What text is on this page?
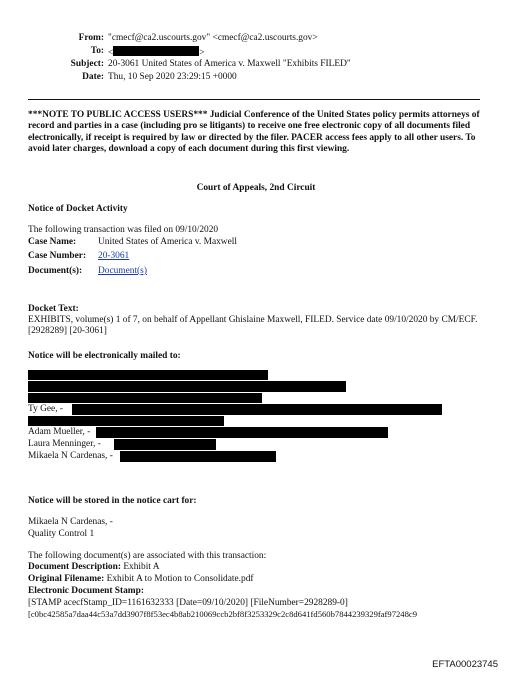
From: "cmecf@ca2.uscourts.gov" <cmecf@ca2.uscourts.gov>
To: <	>
Subject: 20-3061 United States of America v. Maxwell "Exhibits FILED"
Date: Thu, 10 Sep 2020 23:29:15 +0000
***NOTE TO PUBLIC ACCESS USERS*** Judicial Conference of the United States policy permits attorneys of record and parties in a case (including pro se litigants) to receive one free electronic copy of all documents filed electronically, if receipt is required by law or directed by the filer. PACER access fees apply to all other users. To avoid later charges, download a copy of each document during this first viewing.
Court of Appeals, 2nd Circuit
Notice of Docket Activity
The following transaction was filed on 09/10/2020
Case Name: United States of America v. Maxwell
Case Number: 20-3061
Document(s): Document(s)
Docket Text:
EXHIBITS, volume(s) 1 of 7, on behalf of Appellant Ghislaine Maxwell, FILED. Service date 09/10/2020 by CM/ECF.[2928289] [20-3061]
Notice will be electronically mailed to:
Ty Gee, -
Adam Mueller, -
Laura Menninger, -
Mikaela N Cardenas, -
Notice will be stored in the notice cart for:
Mikaela N Cardenas, -
Quality Control 1
The following document(s) are associated with this transaction:
Document Description: Exhibit A
Original Filename: Exhibit A to Motion to Consolidate.pdf
Electronic Document Stamp:
[STAMP acecfStamp_ID=1161632333 [Date=09/10/2020] [FileNumber=2928289-0]
[c0bc42585a7daa44c53a7dd3907f8f53ec4b8ab210069ccb2bf8f3253329c2c8d641fd560b7844239329faf97248c9
EFTA00023745
